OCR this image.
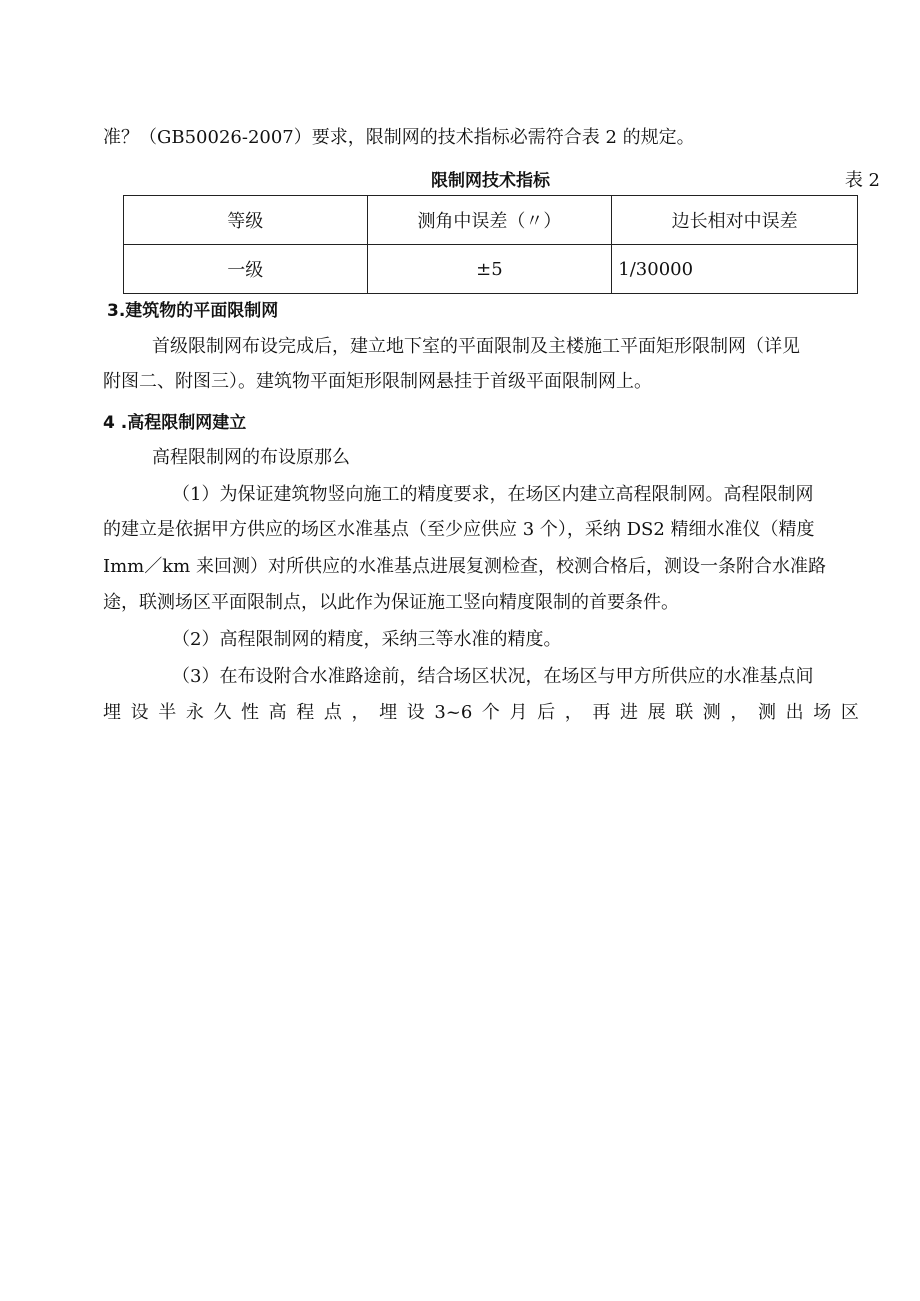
准？（GB50026-2007）要求，限制网的技术指标必需符合表 2 的规定。
限制网技术指标	表 2
等级	测角中误差（〃）	边长相对中误差
一级	±5	1/30000
3.建筑物的平面限制网
首级限制网布设完成后，建立地下室的平面限制及主楼施工平面矩形限制网（详见
附图二、附图三）。建筑物平面矩形限制网悬挂于首级平面限制网上。
4 .高程限制网建立
高程限制网的布设原那么
（1）为保证建筑物竖向施工的精度要求，在场区内建立高程限制网。高程限制网
的建立是依据甲方供应的场区水准基点（至少应供应 3 个），采纳 DS2 精细水准仪（精度
Imm／km 来回测）对所供应的水准基点进展复测检查，校测合格后，测设一条附合水准路
途，联测场区平面限制点，以此作为保证施工竖向精度限制的首要条件。
（2）高程限制网的精度，采纳三等水准的精度。
（3）在布设附合水准路途前，结合场区状况，在场区与甲方所供应的水准基点间
埋 设 半 永 久 性 高 程 点 ， 埋 设 3~6 个 月 后 ， 再 进 展 联 测 ， 测 出 场 区
